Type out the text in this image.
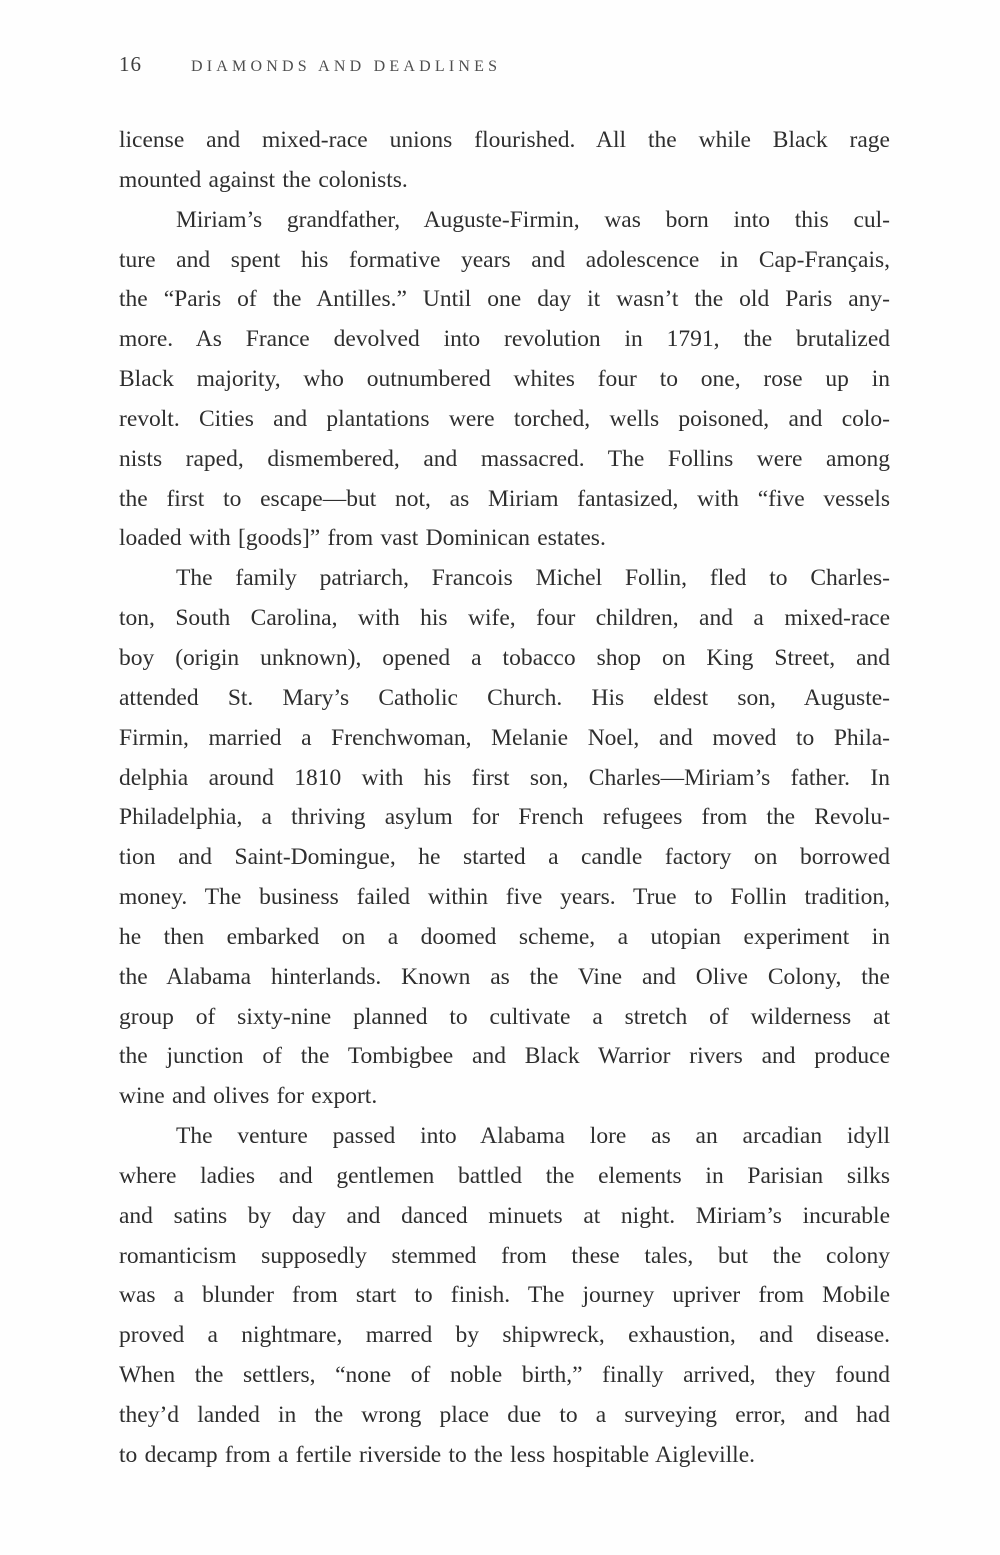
16	DIAMONDS AND DEADLINES

license and mixed-race unions flourished. All the while Black rage
mounted against the colonists.

Miriam’s grandfather, Auguste-Firmin, was born into this cul-
ture and spent his formative years and adolescence in Cap-Français,
the “Paris of the Antilles.” Until one day it wasn’t the old Paris any-
more. As France devolved into revolution in 1791, the brutalized
Black majority, who outnumbered whites four to one, rose up in
revolt. Cities and plantations were torched, wells poisoned, and colo-
nists raped, dismembered, and massacred. The Follins were among
the first to escape—but not, as Miriam fantasized, with “five vessels
loaded with [goods]” from vast Dominican estates.

The family patriarch, Francois Michel Follin, fled to Charles-
ton, South Carolina, with his wife, four children, and a mixed-race
boy (origin unknown), opened a tobacco shop on King Street, and
attended St. Mary’s Catholic Church. His eldest son, Auguste-
Firmin, married a Frenchwoman, Melanie Noel, and moved to Phila-
delphia around 1810 with his first son, Charles—Miriam’s father. In
Philadelphia, a thriving asylum for French refugees from the Revolu-
tion and Saint-Domingue, he started a candle factory on borrowed
money. The business failed within five years. True to Follin tradition,
he then embarked on a doomed scheme, a utopian experiment in
the Alabama hinterlands. Known as the Vine and Olive Colony, the
group of sixty-nine planned to cultivate a stretch of wilderness at
the junction of the Tombigbee and Black Warrior rivers and produce
wine and olives for export.

The venture passed into Alabama lore as an arcadian idyll
where ladies and gentlemen battled the elements in Parisian silks
and satins by day and danced minuets at night. Miriam’s incurable
romanticism supposedly stemmed from these tales, but the colony
was a blunder from start to finish. The journey upriver from Mobile
proved a nightmare, marred by shipwreck, exhaustion, and disease.
When the settlers, “none of noble birth,” finally arrived, they found
they’d landed in the wrong place due to a surveying error, and had
to decamp from a fertile riverside to the less hospitable Aigleville.
